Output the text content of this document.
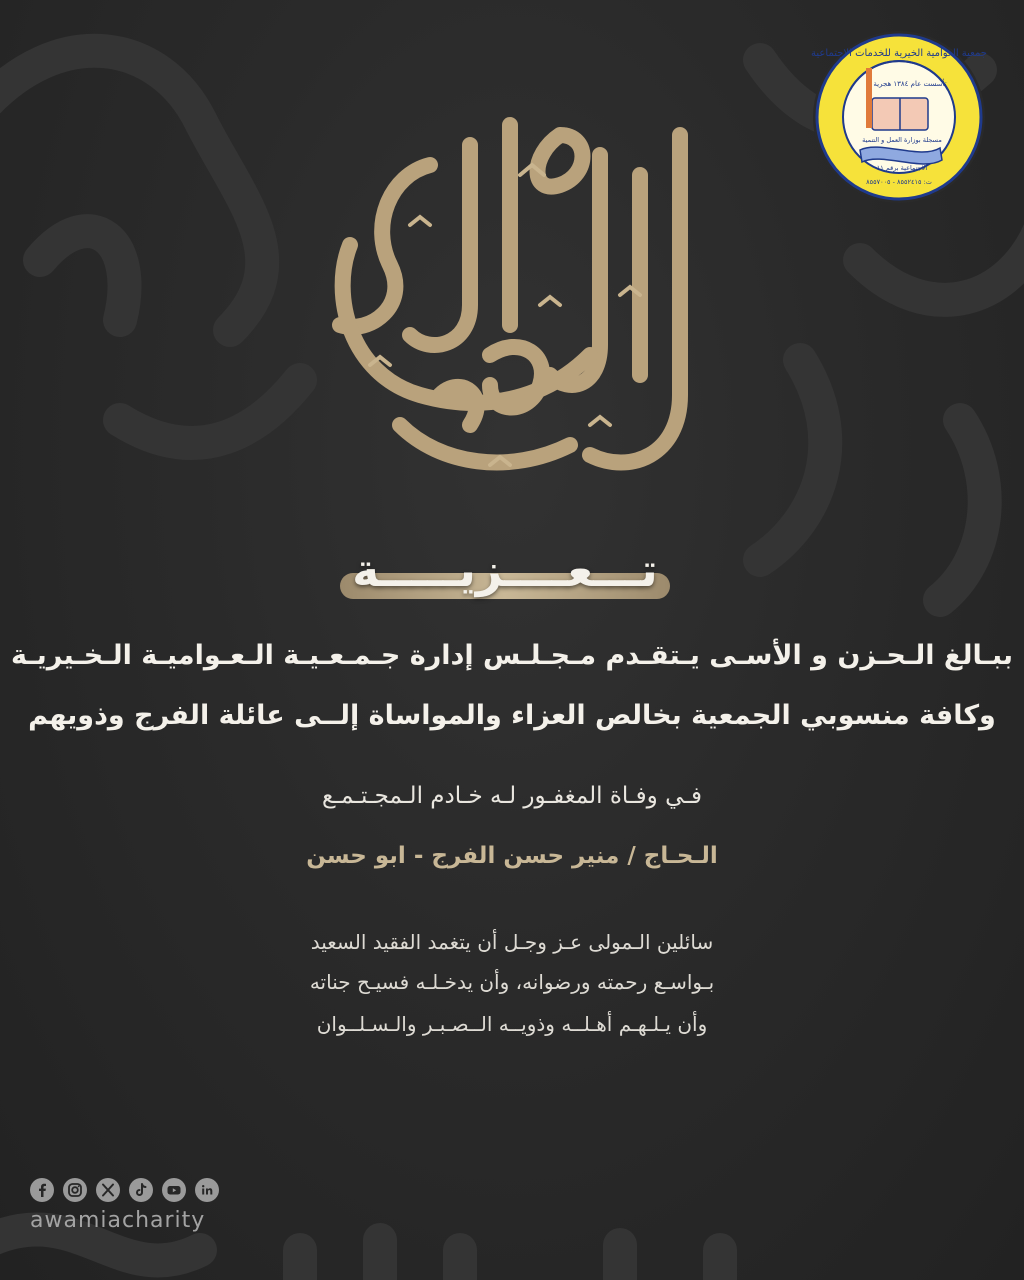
جمعية العوامية الخيرية للخدمات الاجتماعية
تأسست عام ١٣٨٤ هجرية
مسجلة بوزارة العمل و التنمية
الاجتماعية برقم ١١
ت: ٨٥٥٢٤١٥ - ٨٥٥٧٠٠٥
إنا لله وإنا إليه راجعون
تـــعــــزيـــــة
ببـالغ الـحـزن و الأسـى يـتقـدم مـجـلـس إدارة جـمـعـيـة الـعـواميـة الـخـيريـة
وكافة منسوبي الجمعية بخالص العزاء والمواساة إلــى عائلة الفرج وذويهم
فـي وفـاة المغفـور لـه خـادم الـمجـتـمـع
الـحـاج / منير حسن الفرج - ابو حسن
سائلين الـمولى عـز وجـل أن يتغمد الفقيد السعيد
بـواسـع رحمته ورضوانه، وأن يدخـلـه فسيـح جناته
وأن يـلـهـم أهـلــه وذويــه الــصـبـر والـسـلــوان
awamiacharity
